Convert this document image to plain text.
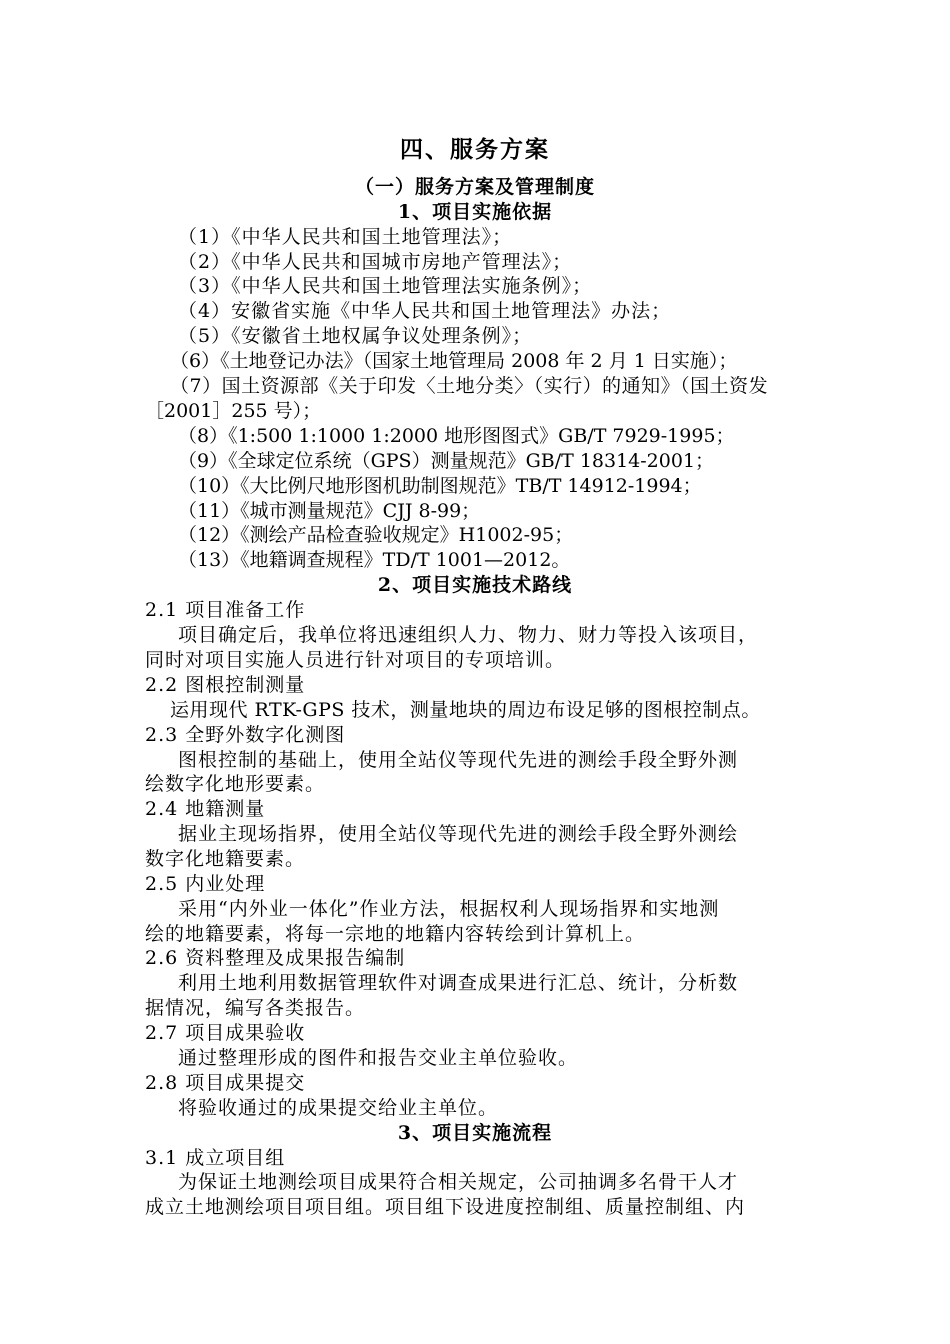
四、服务方案
（一）服务方案及管理制度
1、项目实施依据
（1）《中华人民共和国土地管理法》；
（2）《中华人民共和国城市房地产管理法》；
（3）《中华人民共和国土地管理法实施条例》；
（4）安徽省实施《中华人民共和国土地管理法》办法；
（5）《安徽省土地权属争议处理条例》；
（6）《土地登记办法》（国家土地管理局 2008 年 2 月 1 日实施）；
（7）国土资源部《关于印发〈土地分类〉（实行）的通知》（国土资发
［2001］255 号）；
（8）《1:500 1:1000 1:2000 地形图图式》GB/T 7929-1995；
（9）《全球定位系统（GPS）测量规范》GB/T 18314-2001；
（10）《大比例尺地形图机助制图规范》TB/T 14912-1994；
（11）《城市测量规范》CJJ 8-99；
（12）《测绘产品检查验收规定》H1002-95；
（13）《地籍调查规程》TD/T 1001—2012。
2、项目实施技术路线
2.1 项目准备工作
项目确定后，我单位将迅速组织人力、物力、财力等投入该项目，
同时对项目实施人员进行针对项目的专项培训。
2.2 图根控制测量
运用现代 RTK-GPS 技术，测量地块的周边布设足够的图根控制点。
2.3 全野外数字化测图
图根控制的基础上，使用全站仪等现代先进的测绘手段全野外测
绘数字化地形要素。
2.4 地籍测量
据业主现场指界，使用全站仪等现代先进的测绘手段全野外测绘
数字化地籍要素。
2.5 内业处理
采用“内外业一体化”作业方法，根据权利人现场指界和实地测
绘的地籍要素，将每一宗地的地籍内容转绘到计算机上。
2.6 资料整理及成果报告编制
利用土地利用数据管理软件对调查成果进行汇总、统计，分析数
据情况，编写各类报告。
2.7 项目成果验收
通过整理形成的图件和报告交业主单位验收。
2.8 项目成果提交
将验收通过的成果提交给业主单位。
3、项目实施流程
3.1 成立项目组
为保证土地测绘项目成果符合相关规定，公司抽调多名骨干人才
成立土地测绘项目项目组。项目组下设进度控制组、质量控制组、内
